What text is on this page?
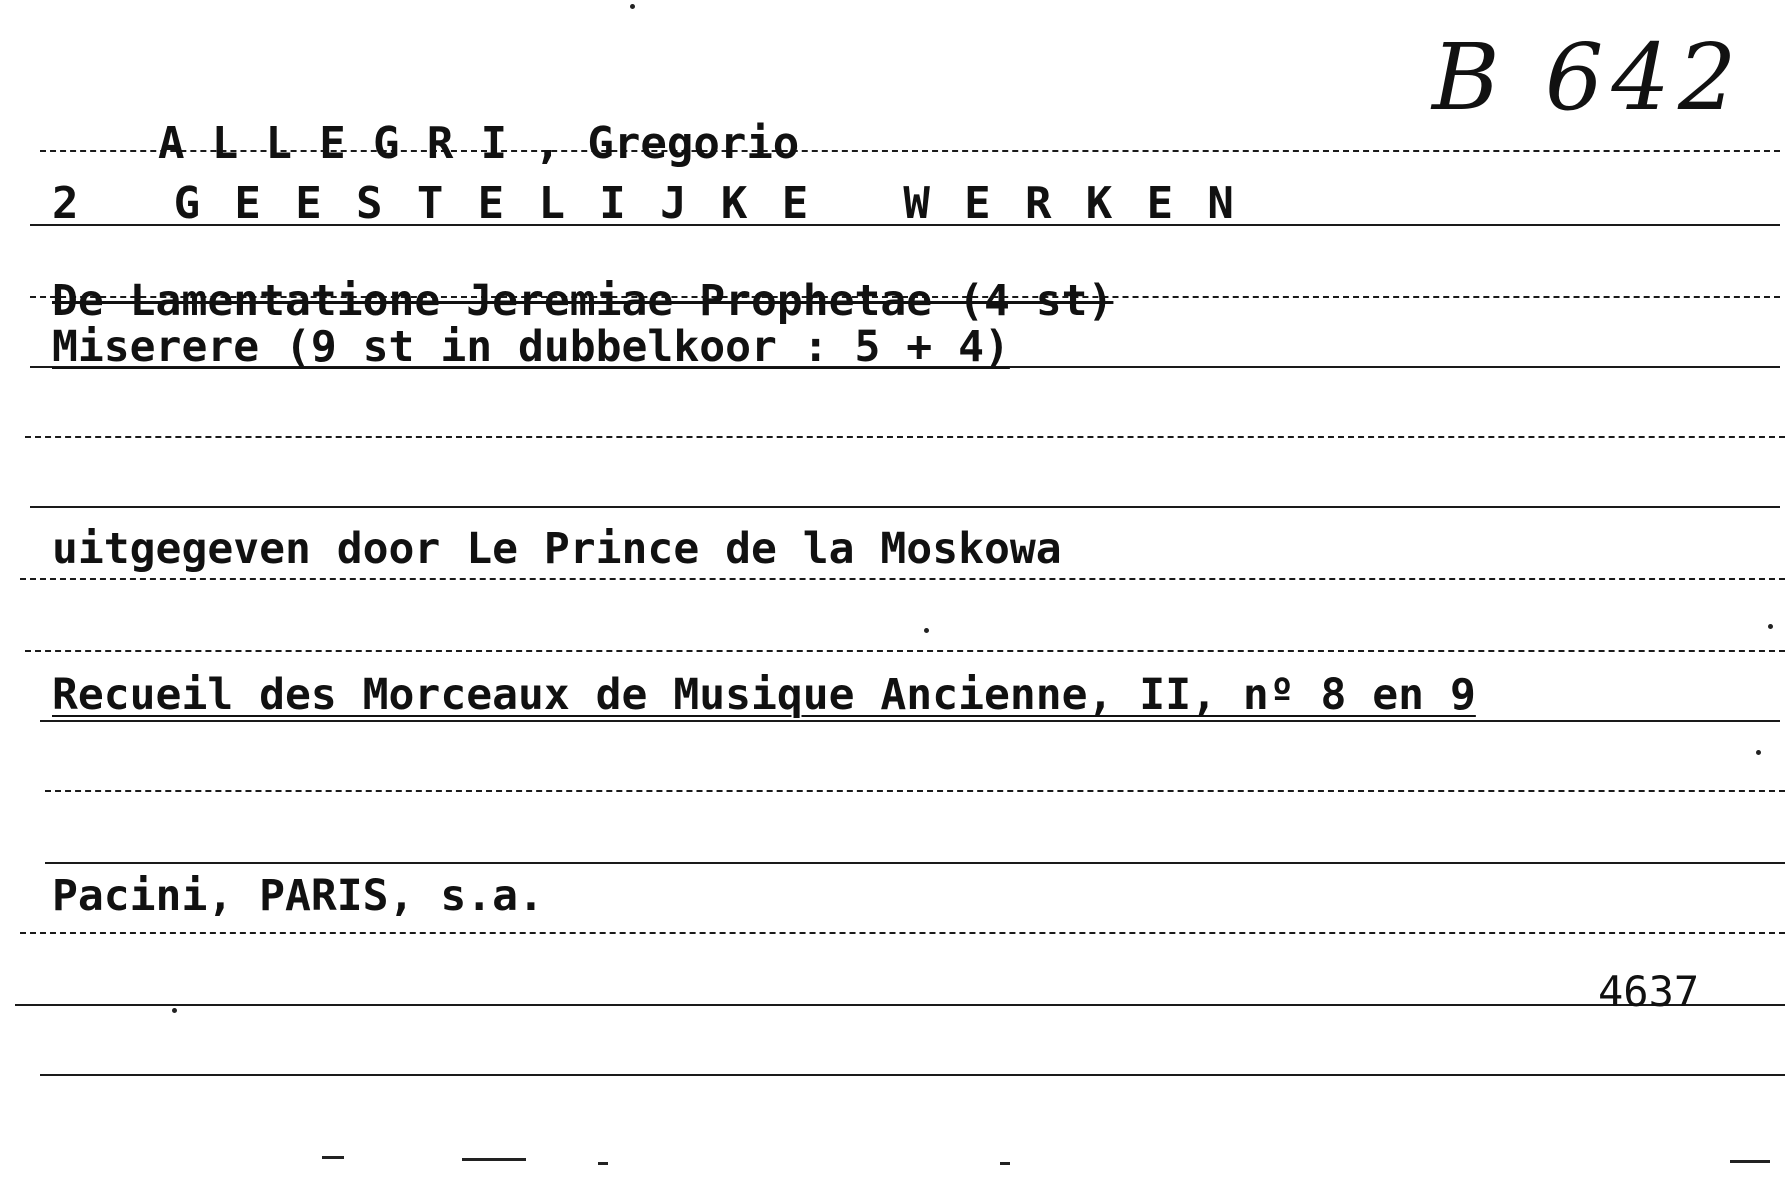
ALLEGRI, Gregorio

B 642
2 GEESTELIJKE WERKEN
De Lamentatione Jeremiae Prophetae (4 st)
Miserere (9 st in dubbelkoor : 5 + 4)
uitgegeven door Le Prince de la Moskowa
Recueil des Morceaux de Musique Ancienne, II, nº 8 en 9
Pacini, PARIS, s.a.
4637
